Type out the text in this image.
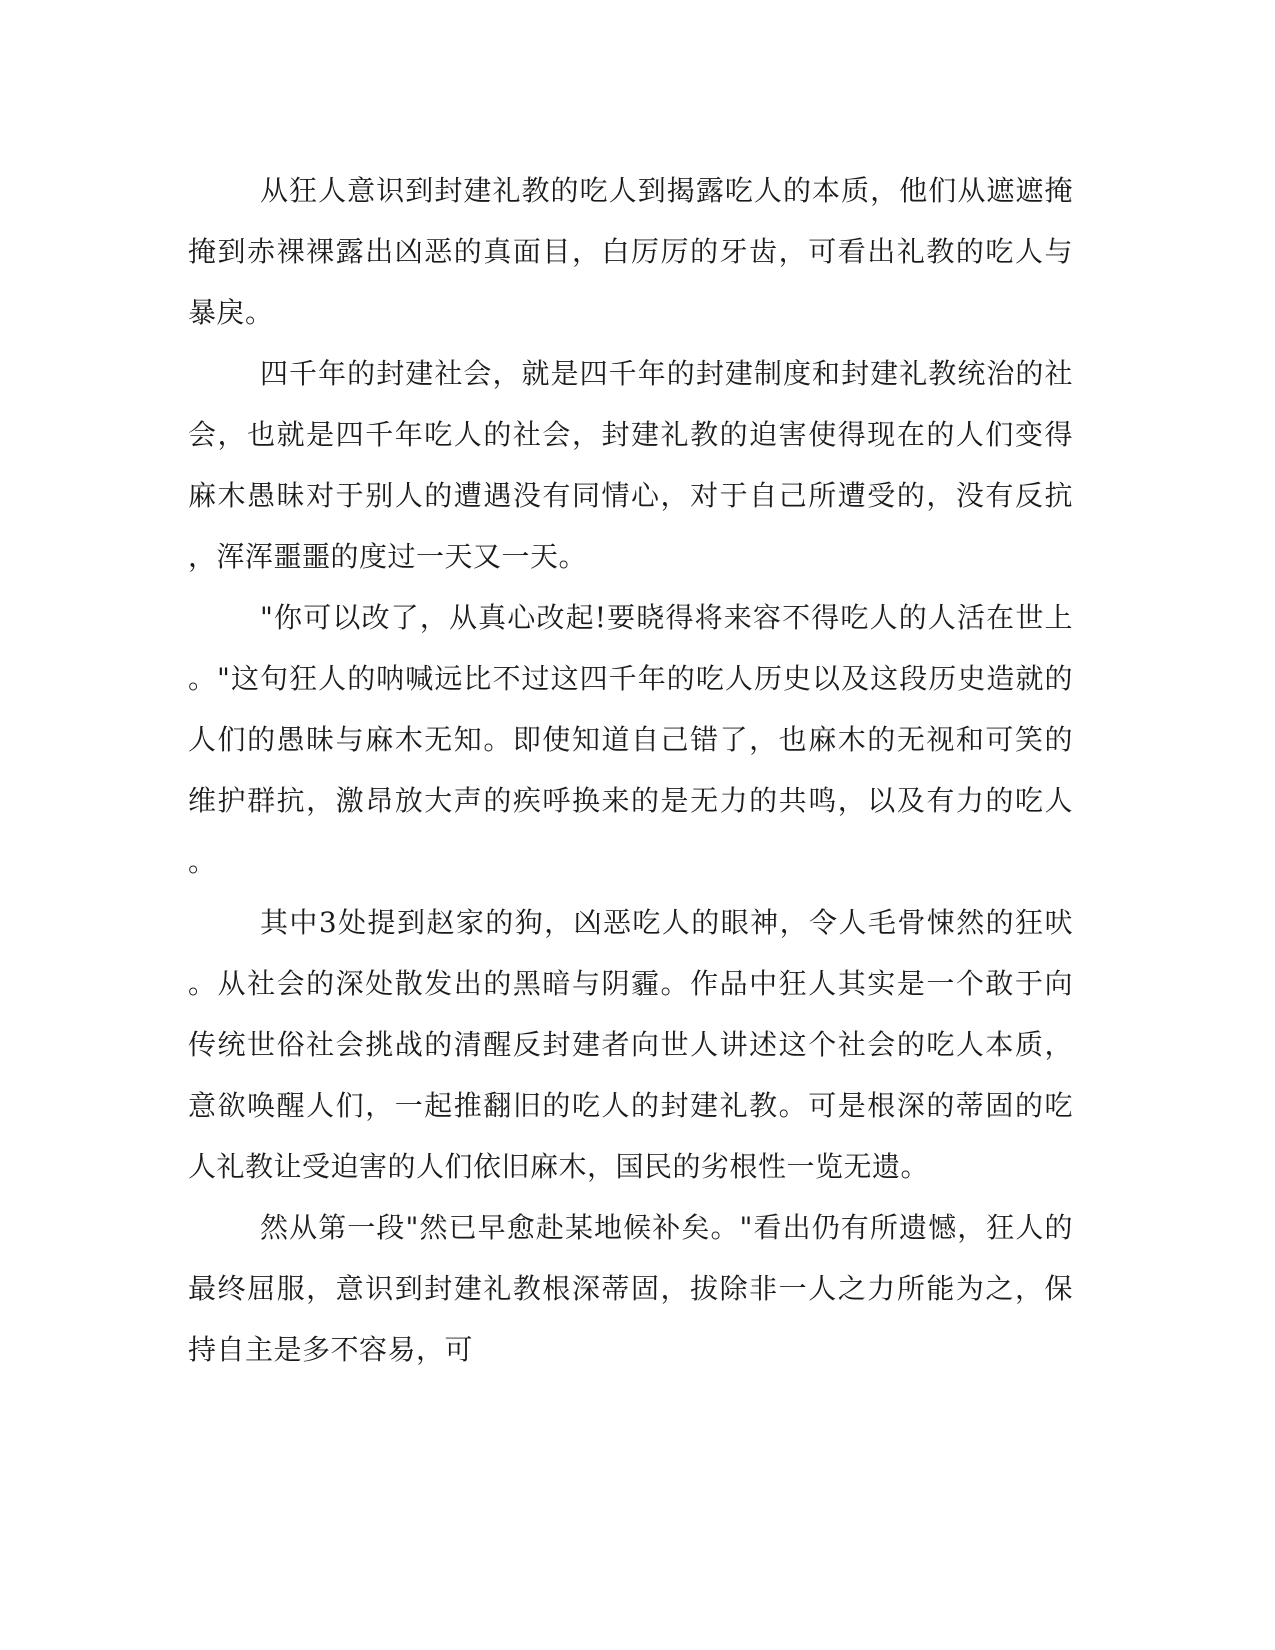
从狂人意识到封建礼教的吃人到揭露吃人的本质，他们从遮遮掩
掩到赤裸裸露出凶恶的真面目，白厉厉的牙齿，可看出礼教的吃人与
暴戾。
四千年的封建社会，就是四千年的封建制度和封建礼教统治的社
会，也就是四千年吃人的社会，封建礼教的迫害使得现在的人们变得
麻木愚昧对于别人的遭遇没有同情心，对于自己所遭受的，没有反抗
，浑浑噩噩的度过一天又一天。
"你可以改了，从真心改起!要晓得将来容不得吃人的人活在世上
。"这句狂人的呐喊远比不过这四千年的吃人历史以及这段历史造就的
人们的愚昧与麻木无知。即使知道自己错了，也麻木的无视和可笑的
维护群抗，激昂放大声的疾呼换来的是无力的共鸣，以及有力的吃人
。
其中3处提到赵家的狗，凶恶吃人的眼神，令人毛骨悚然的狂吠
。从社会的深处散发出的黑暗与阴霾。作品中狂人其实是一个敢于向
传统世俗社会挑战的清醒反封建者向世人讲述这个社会的吃人本质，
意欲唤醒人们，一起推翻旧的吃人的封建礼教。可是根深的蒂固的吃
人礼教让受迫害的人们依旧麻木，国民的劣根性一览无遗。
然从第一段"然已早愈赴某地候补矣。"看出仍有所遗憾，狂人的
最终屈服，意识到封建礼教根深蒂固，拔除非一人之力所能为之，保
持自主是多不容易，可
